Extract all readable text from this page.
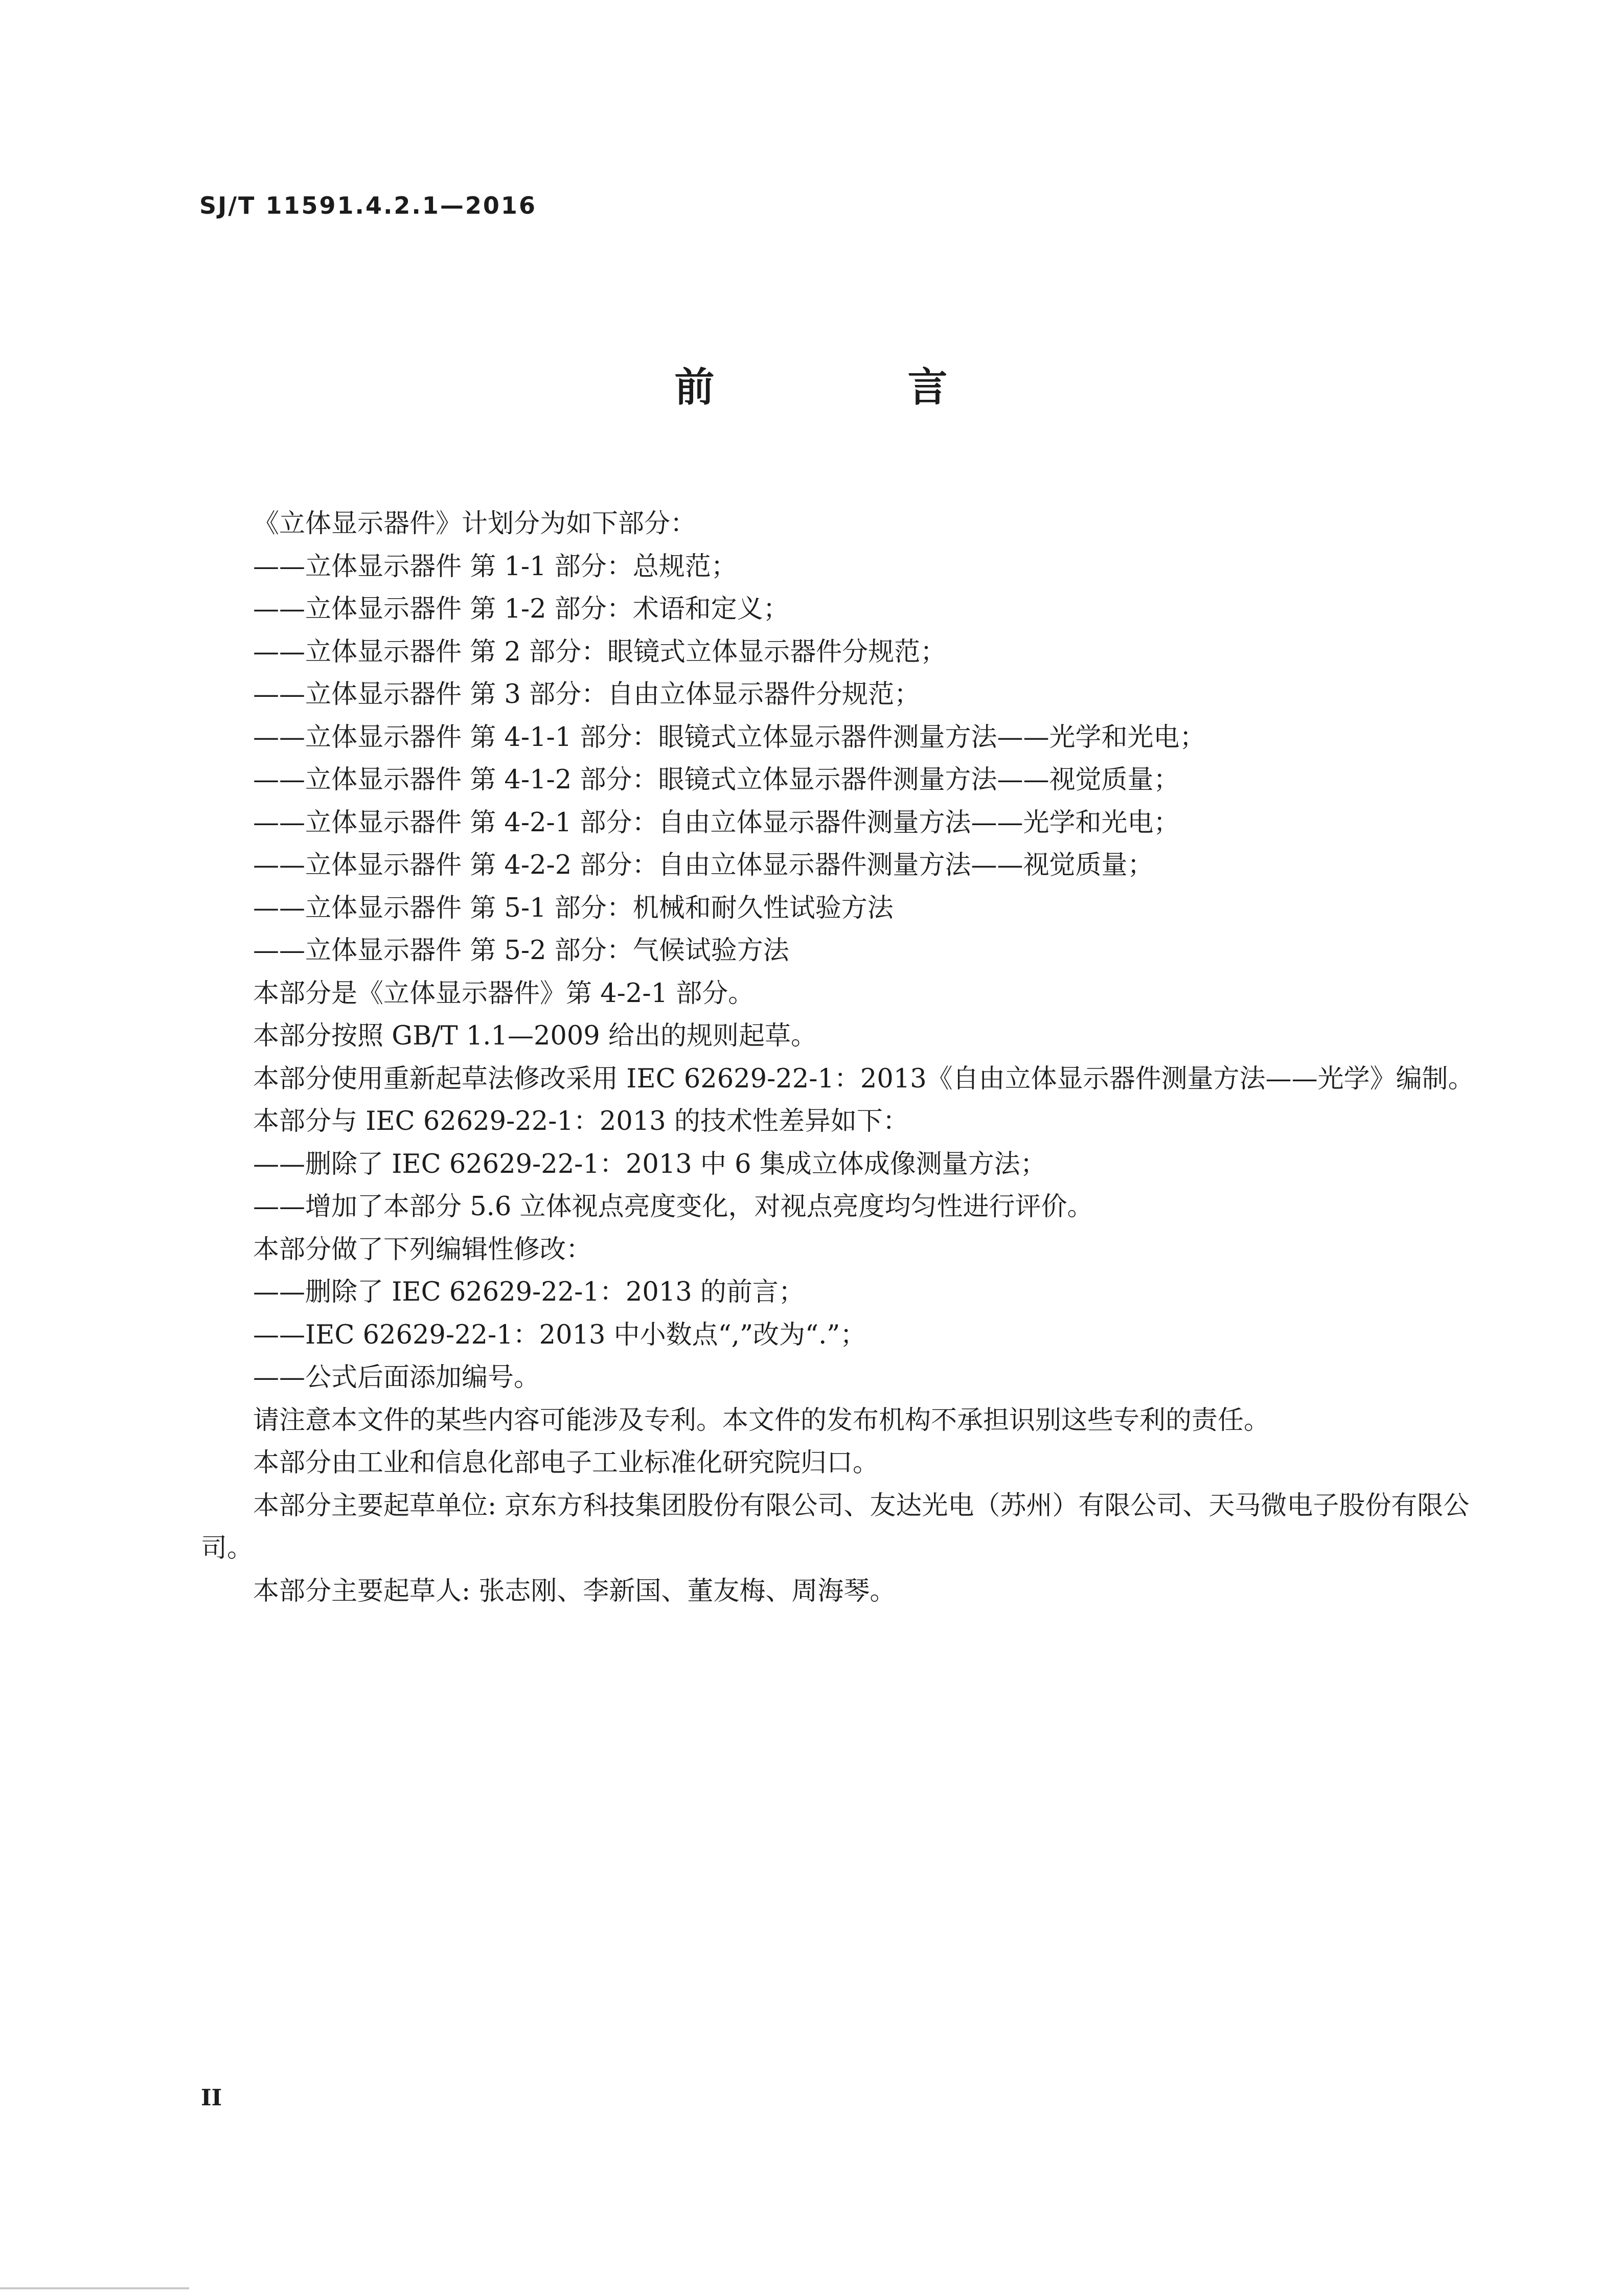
SJ/T 11591.4.2.1—2016
前　言

《立体显示器件》计划分为如下部分：

——立体显示器件 第 1-1 部分：总规范；

——立体显示器件 第 1-2 部分：术语和定义；

——立体显示器件 第 2 部分：眼镜式立体显示器件分规范；

——立体显示器件 第 3 部分：自由立体显示器件分规范；

——立体显示器件 第 4-1-1 部分：眼镜式立体显示器件测量方法——光学和光电；

——立体显示器件 第 4-1-2 部分：眼镜式立体显示器件测量方法——视觉质量；

——立体显示器件 第 4-2-1 部分：自由立体显示器件测量方法——光学和光电；

——立体显示器件 第 4-2-2 部分：自由立体显示器件测量方法——视觉质量；

——立体显示器件 第 5-1 部分：机械和耐久性试验方法

——立体显示器件 第 5-2 部分：气候试验方法

本部分是《立体显示器件》第 4-2-1 部分。

本部分按照 GB/T 1.1—2009 给出的规则起草。

本部分使用重新起草法修改采用 IEC 62629-22-1：2013《自由立体显示器件测量方法——光学》编制。

本部分与 IEC 62629-22-1：2013 的技术性差异如下：

——删除了 IEC 62629-22-1：2013 中 6 集成立体成像测量方法；

——增加了本部分 5.6 立体视点亮度变化，对视点亮度均匀性进行评价。

本部分做了下列编辑性修改：

——删除了 IEC 62629-22-1：2013 的前言；

——IEC 62629-22-1：2013 中小数点“,”改为“.”；

——公式后面添加编号。

请注意本文件的某些内容可能涉及专利。本文件的发布机构不承担识别这些专利的责任。

本部分由工业和信息化部电子工业标准化研究院归口。

本部分主要起草单位: 京东方科技集团股份有限公司、友达光电（苏州）有限公司、天马微电子股份有限公司。

本部分主要起草人: 张志刚、李新国、董友梅、周海琴。

II
